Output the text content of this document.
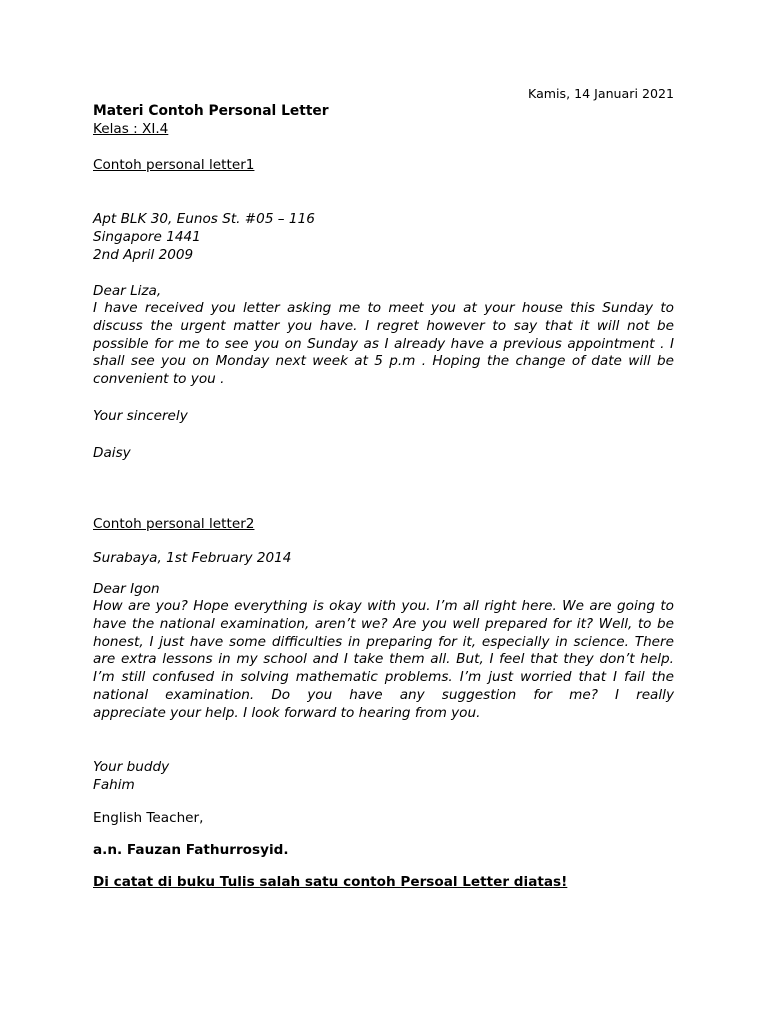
Kamis, 14 Januari 2021
Materi Contoh Personal Letter
Kelas : XI.4
Contoh personal letter1
Apt BLK 30, Eunos St. #05 – 116
Singapore 1441
2nd April 2009
Dear Liza,
I have received you letter asking me to meet you at your house this Sunday to discuss the urgent matter you have. I regret however to say that it will not be possible for me to see you on Sunday as I already have a previous appointment . I shall see you on Monday next week at 5 p.m . Hoping the change of date will be convenient to you .
Your sincerely
Daisy
Contoh personal letter2
Surabaya, 1st February 2014
Dear Igon
How are you? Hope everything is okay with you. I’m all right here. We are going to have the national examination, aren’t we? Are you well prepared for it? Well, to be honest, I just have some difficulties in preparing for it, especially in science. There are extra lessons in my school and I take them all. But, I feel that they don’t help. I’m still confused in solving mathematic problems. I’m just worried that I fail the national examination. Do you have any suggestion for me? I really appreciate your help. I look forward to hearing from you.
Your buddy
Fahim
English Teacher,
a.n. Fauzan Fathurrosyid.
Di catat di buku Tulis salah satu contoh Persoal Letter diatas!
